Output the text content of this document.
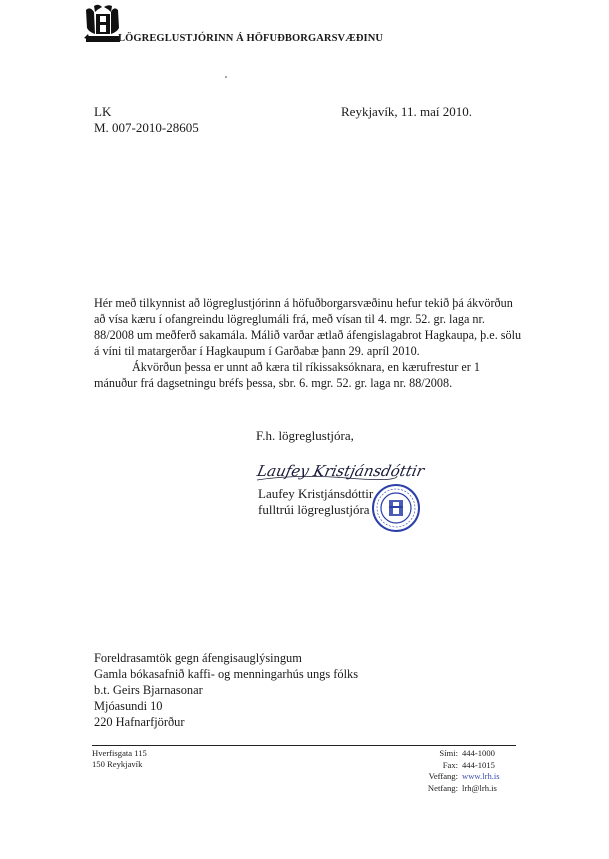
LÖGREGLUSTJÓRINN Á HÖFUÐBORGARSVÆÐINU
LK
M. 007-2010-28605
Reykjavík, 11. maí 2010.

Hér með tilkynnist að lögreglustjórinn á höfuðborgarsvæðinu hefur tekið þá ákvörðun að vísa kæru í ofangreindu lögreglumáli frá, með vísan til 4. mgr. 52. gr. laga nr. 88/2008 um meðferð sakamála. Málið varðar ætlað áfengislagabrot Hagkaupa, þ.e. sölu á víni til matargerðar í Hagkaupum í Garðabæ þann 29. apríl 2010.

Ákvörðun þessa er unnt að kæra til ríkissaksóknara, en kærufrestur er 1 mánuður frá dagsetningu bréfs þessa, sbr. 6. mgr. 52. gr. laga nr. 88/2008.

F.h. lögreglustjóra,
Laufey Kristjánsdóttir
Laufey Kristjánsdóttir
fulltrúi lögreglustjóra
Foreldrasamtök gegn áfengisauglýsingum
Gamla bókasafnið kaffi- og menningarhús ungs fólks
b.t. Geirs Bjarnasonar
Mjóasundi 10
220 Hafnarfjörður
Hverfisgata 115
150 Reykjavík
Sími: 444-1000
Fax: 444-1015
Veffang: www.lrh.is
Netfang: lrh@lrh.is
